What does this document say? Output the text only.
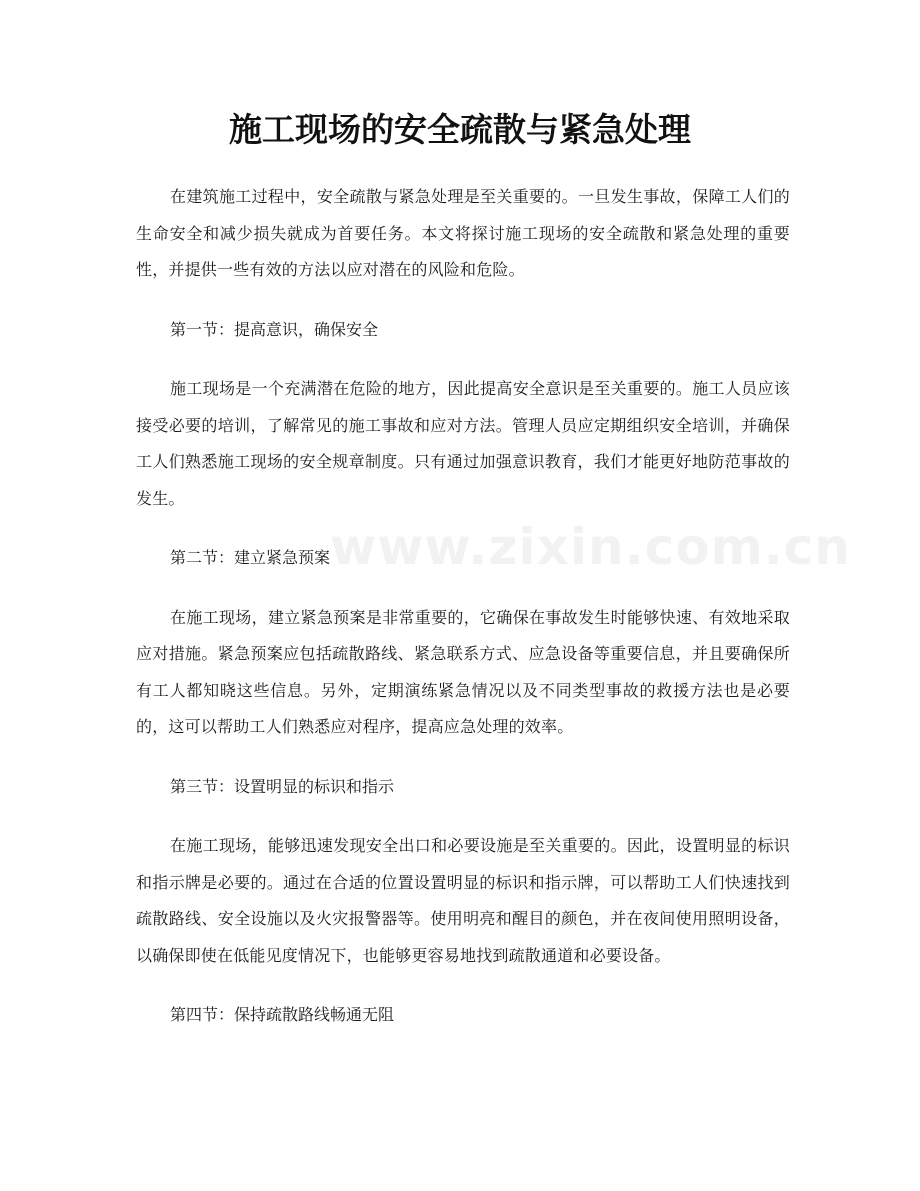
施工现场的安全疏散与紧急处理
www.zixin.com.cn

在建筑施工过程中，安全疏散与紧急处理是至关重要的。一旦发生事故，保障工人们的生命安全和减少损失就成为首要任务。本文将探讨施工现场的安全疏散和紧急处理的重要性，并提供一些有效的方法以应对潜在的风险和危险。

第一节：提高意识，确保安全

施工现场是一个充满潜在危险的地方，因此提高安全意识是至关重要的。施工人员应该接受必要的培训，了解常见的施工事故和应对方法。管理人员应定期组织安全培训，并确保工人们熟悉施工现场的安全规章制度。只有通过加强意识教育，我们才能更好地防范事故的发生。

第二节：建立紧急预案

在施工现场，建立紧急预案是非常重要的，它确保在事故发生时能够快速、有效地采取应对措施。紧急预案应包括疏散路线、紧急联系方式、应急设备等重要信息，并且要确保所有工人都知晓这些信息。另外，定期演练紧急情况以及不同类型事故的救援方法也是必要的，这可以帮助工人们熟悉应对程序，提高应急处理的效率。

第三节：设置明显的标识和指示

在施工现场，能够迅速发现安全出口和必要设施是至关重要的。因此，设置明显的标识和指示牌是必要的。通过在合适的位置设置明显的标识和指示牌，可以帮助工人们快速找到疏散路线、安全设施以及火灾报警器等。使用明亮和醒目的颜色，并在夜间使用照明设备，以确保即使在低能见度情况下，也能够更容易地找到疏散通道和必要设备。

第四节：保持疏散路线畅通无阻
